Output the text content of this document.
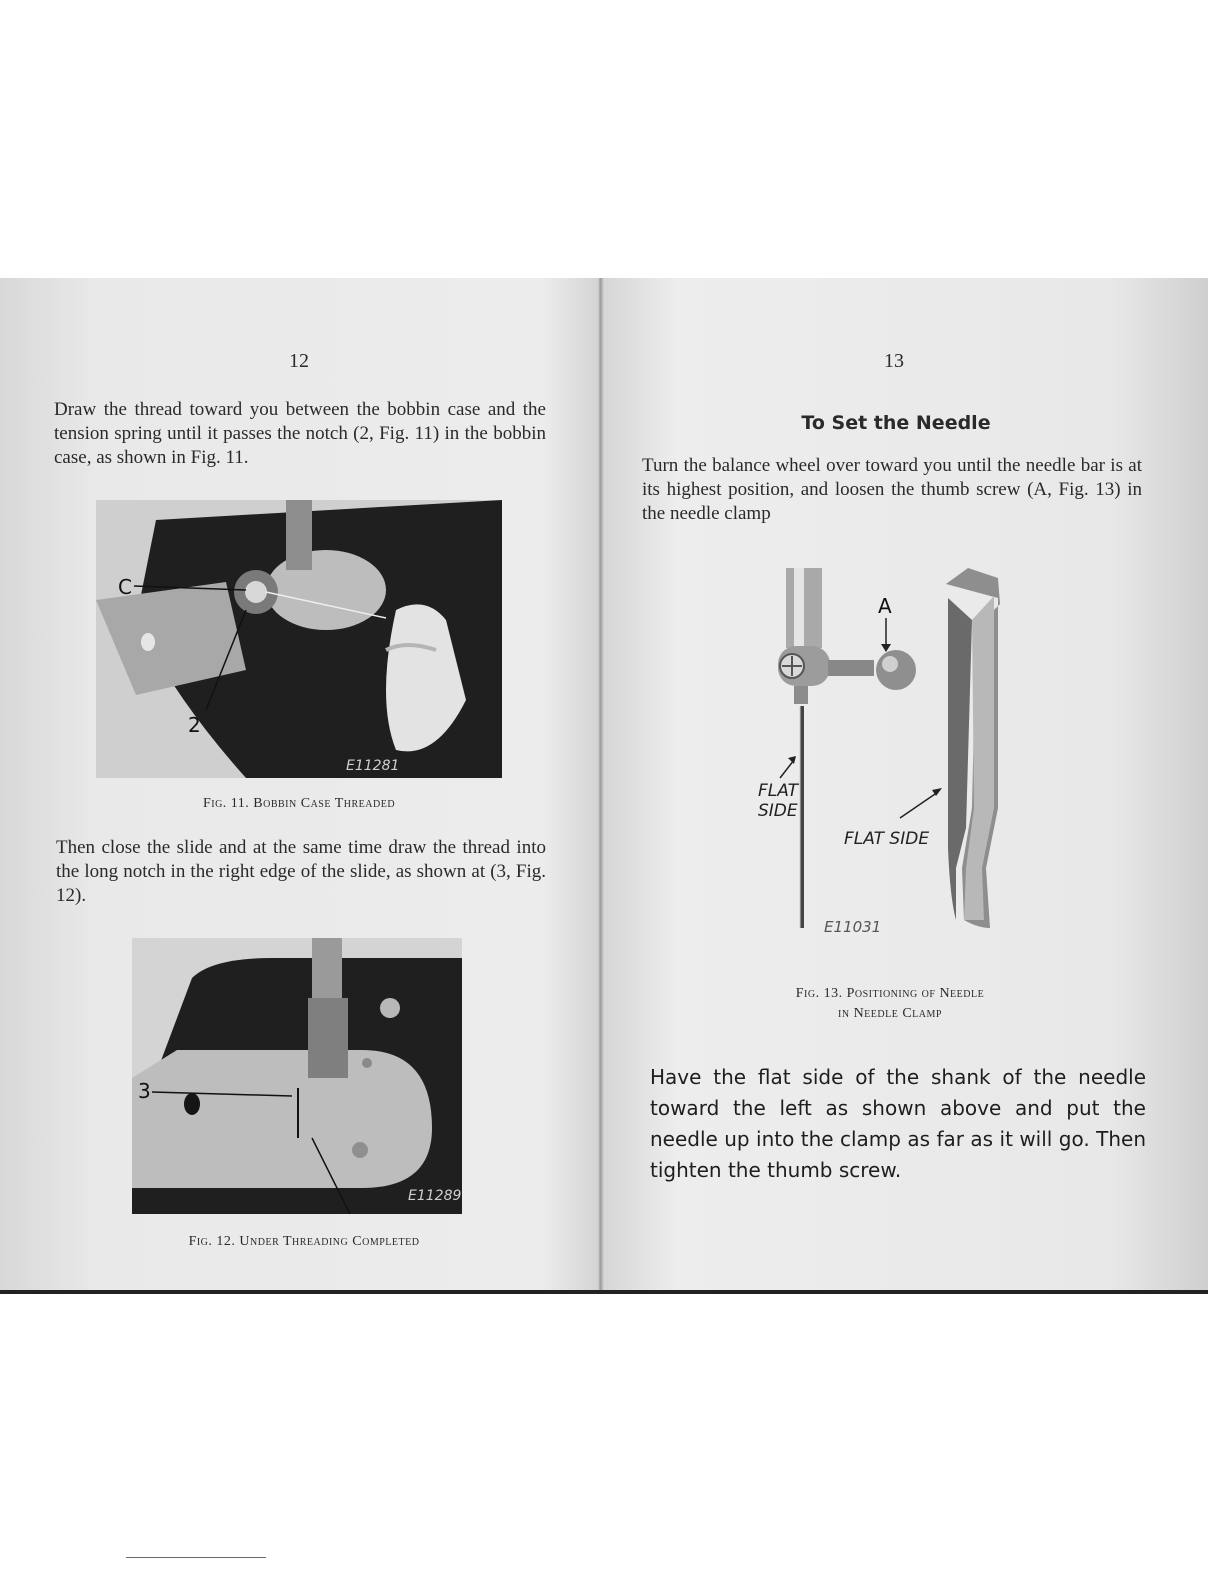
12
Draw the thread toward you between the bobbin case and the tension spring until it passes the notch (2, Fig. 11) in the bobbin case, as shown in Fig. 11.
C
2
E11281
Fig. 11. Bobbin Case Threaded
Then close the slide and at the same time draw the thread into the long notch in the right edge of the slide, as shown at (3, Fig. 12).
3
E11289
Fig. 12. Under Threading Completed
13
To Set the Needle
Turn the balance wheel over toward you until the needle bar is at its highest position, and loosen the thumb screw (A, Fig. 13) in the needle clamp
A
FLAT
SIDE
FLAT SIDE
E11031
Fig. 13. Positioning of Needle
in Needle Clamp
Have the flat side of the shank of the needle toward the left as shown above and put the needle up into the clamp as far as it will go. Then tighten the thumb screw.
